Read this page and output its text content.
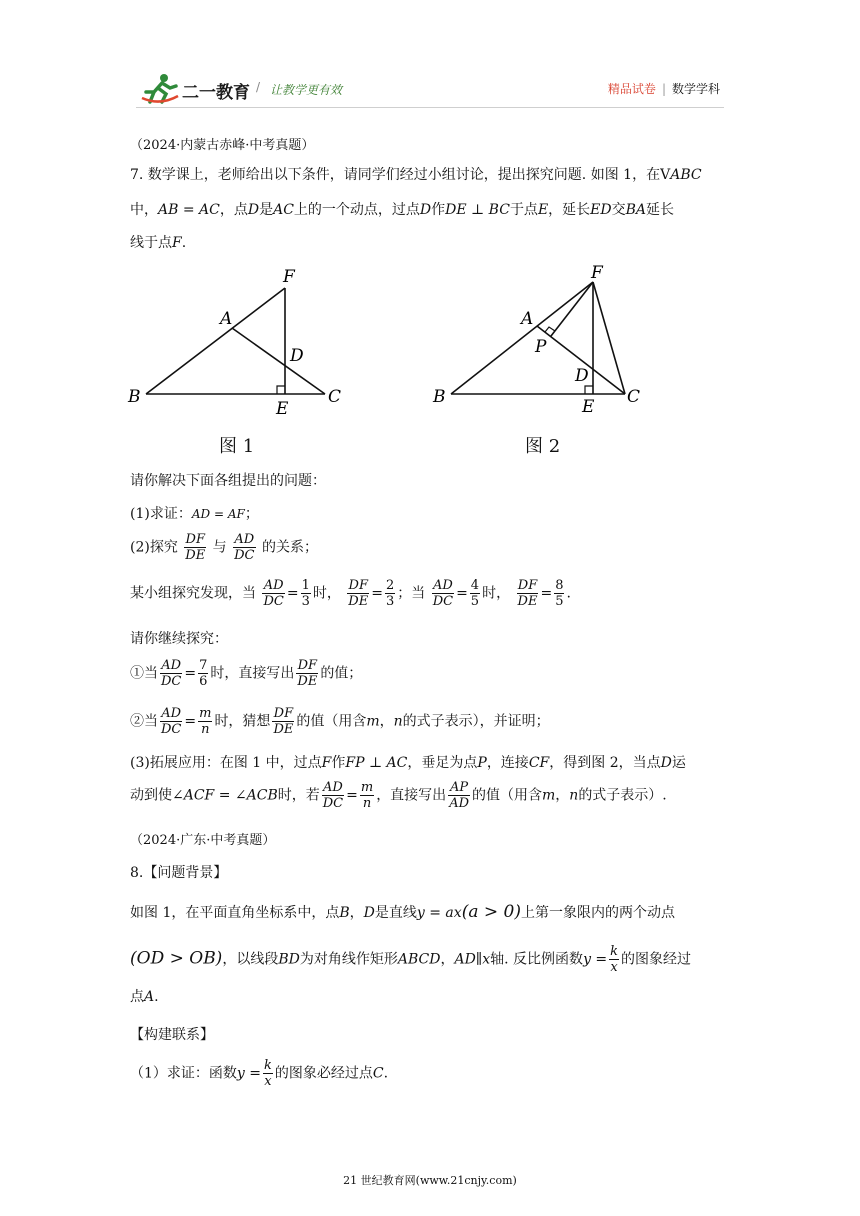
二一教育 / 让教学更有效	精品试卷 | 数学学科
（2024·内蒙古赤峰·中考真题）
7. 数学课上，老师给出以下条件，请同学们经过小组讨论，提出探究问题. 如图 1，在VABC
中，AB = AC，点D是AC上的一个动点，过点D作DE ⊥ BC于点E，延长ED交BA延长
线于点F.
B
A
F
D
E
C	B
A
F
P
D
E C
图 1	图 2
请你解决下面各组提出的问题：
(1)求证：AD = AF；
(2)探究 $\frac{DF}{DE}$ 与 $\frac{AD}{DC}$ 的关系；
某小组探究发现，当 $\frac{AD}{DC} = \frac{1}{3}$ 时， $\frac{DF}{DE} = \frac{2}{3}$ ；当 $\frac{AD}{DC} = \frac{4}{5}$ 时， $\frac{DF}{DE} = \frac{8}{5}$ .
请你继续探究：
①当 $\frac{AD}{DC} = \frac{7}{6}$ 时，直接写出 $\frac{DF}{DE}$ 的值；
②当 $\frac{AD}{DC} = \frac{m}{n}$ 时，猜想 $\frac{DF}{DE}$ 的值（用含m，n的式子表示），并证明；
(3)拓展应用：在图 1 中，过点F作FP ⊥ AC，垂足为点P，连接CF，得到图 2，当点D运
动到使∠ACF = ∠ACB时，若 $\frac{AD}{DC} = \frac{m}{n}$ ，直接写出 $\frac{AP}{AD}$ 的值（用含m，n的式子表示）.
（2024·广东·中考真题）
8.【问题背景】
如图 1，在平面直角坐标系中，点B，D是直线y = ax(a > 0)上第一象限内的两个动点
(OD > OB)，以线段BD为对角线作矩形ABCD，AD∥x轴. 反比例函数$y = \frac{k}{x}$ 的图象经过
点A.
【构建联系】
（1）求证：函数$y = \frac{k}{x}$ 的图象必经过点C.
21 世纪教育网(www.21cnjy.com)
